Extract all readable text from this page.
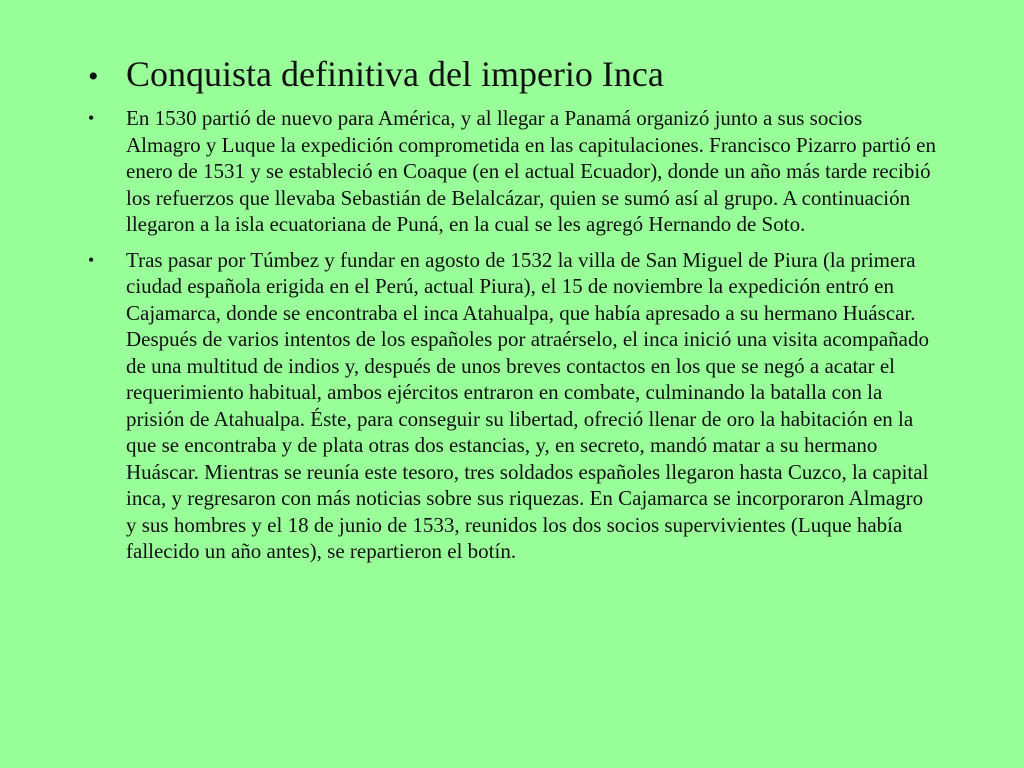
• Conquista definitiva del imperio Inca
•	En 1530 partió de nuevo para América, y al llegar a Panamá organizó junto a sus socios Almagro y Luque la expedición comprometida en las capitulaciones. Francisco Pizarro partió en enero de 1531 y se estableció en Coaque (en el actual Ecuador), donde un año más tarde recibió los refuerzos que llevaba Sebastián de Belalcázar, quien se sumó así al grupo. A continuación llegaron a la isla ecuatoriana de Puná, en la cual se les agregó Hernando de Soto.
•	Tras pasar por Túmbez y fundar en agosto de 1532 la villa de San Miguel de Piura (la primera ciudad española erigida en el Perú, actual Piura), el 15 de noviembre la expedición entró en Cajamarca, donde se encontraba el inca Atahualpa, que había apresado a su hermano Huáscar. Después de varios intentos de los españoles por atraérselo, el inca inició una visita acompañado de una multitud de indios y, después de unos breves contactos en los que se negó a acatar el requerimiento habitual, ambos ejércitos entraron en combate, culminando la batalla con la prisión de Atahualpa. Éste, para conseguir su libertad, ofreció llenar de oro la habitación en la que se encontraba y de plata otras dos estancias, y, en secreto, mandó matar a su hermano Huáscar. Mientras se reunía este tesoro, tres soldados españoles llegaron hasta Cuzco, la capital inca, y regresaron con más noticias sobre sus riquezas. En Cajamarca se incorporaron Almagro y sus hombres y el 18 de junio de 1533, reunidos los dos socios supervivientes (Luque había fallecido un año antes), se repartieron el botín.
